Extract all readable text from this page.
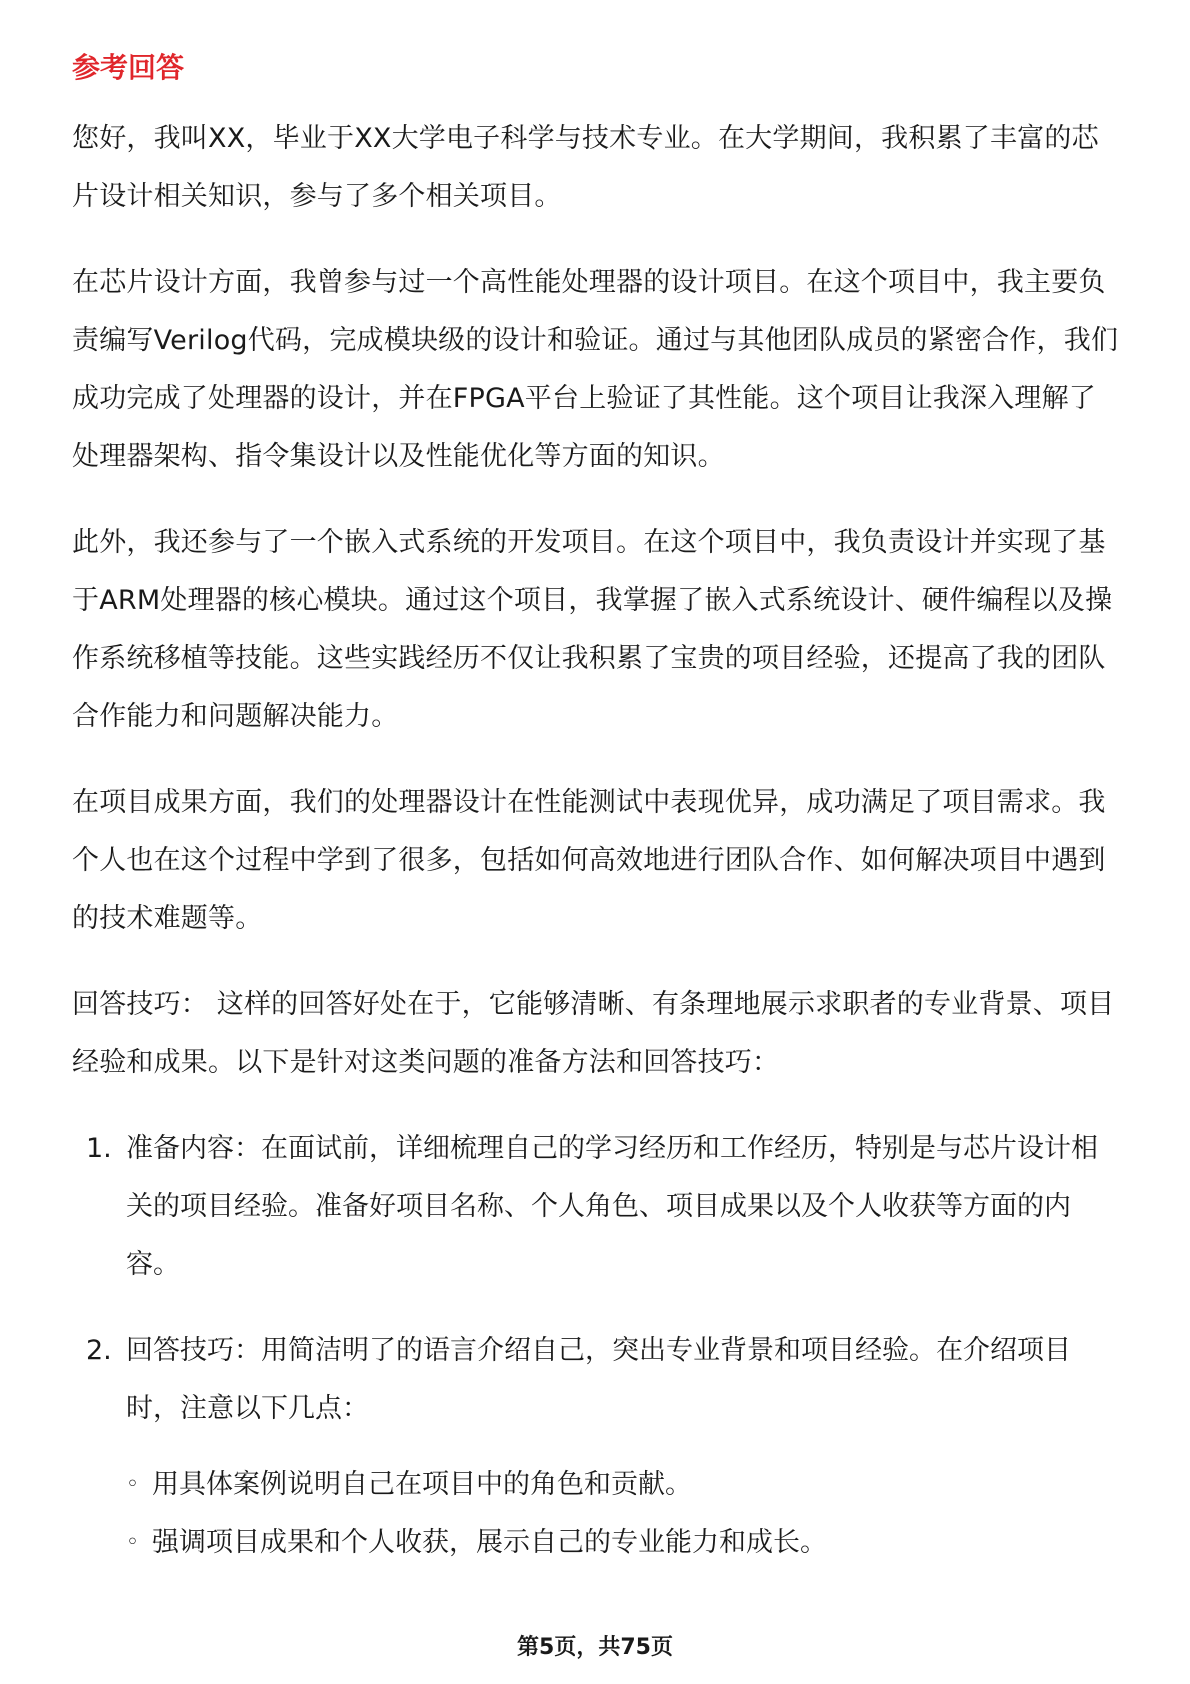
参考回答

您好，我叫XX，毕业于XX大学电子科学与技术专业。在大学期间，我积累了丰富的芯片设计相关知识，参与了多个相关项目。

在芯片设计方面，我曾参与过一个高性能处理器的设计项目。在这个项目中，我主要负责编写Verilog代码，完成模块级的设计和验证。通过与其他团队成员的紧密合作，我们成功完成了处理器的设计，并在FPGA平台上验证了其性能。这个项目让我深入理解了处理器架构、指令集设计以及性能优化等方面的知识。

此外，我还参与了一个嵌入式系统的开发项目。在这个项目中，我负责设计并实现了基于ARM处理器的核心模块。通过这个项目，我掌握了嵌入式系统设计、硬件编程以及操作系统移植等技能。这些实践经历不仅让我积累了宝贵的项目经验，还提高了我的团队合作能力和问题解决能力。

在项目成果方面，我们的处理器设计在性能测试中表现优异，成功满足了项目需求。我个人也在这个过程中学到了很多，包括如何高效地进行团队合作、如何解决项目中遇到的技术难题等。

回答技巧： 这样的回答好处在于，它能够清晰、有条理地展示求职者的专业背景、项目经验和成果。以下是针对这类问题的准备方法和回答技巧：

1. 准备内容：在面试前，详细梳理自己的学习经历和工作经历，特别是与芯片设计相关的项目经验。准备好项目名称、个人角色、项目成果以及个人收获等方面的内容。
2. 回答技巧：用简洁明了的语言介绍自己，突出专业背景和项目经验。在介绍项目时，注意以下几点：
◦ 用具体案例说明自己在项目中的角色和贡献。
◦ 强调项目成果和个人收获，展示自己的专业能力和成长。
第5页，共75页
